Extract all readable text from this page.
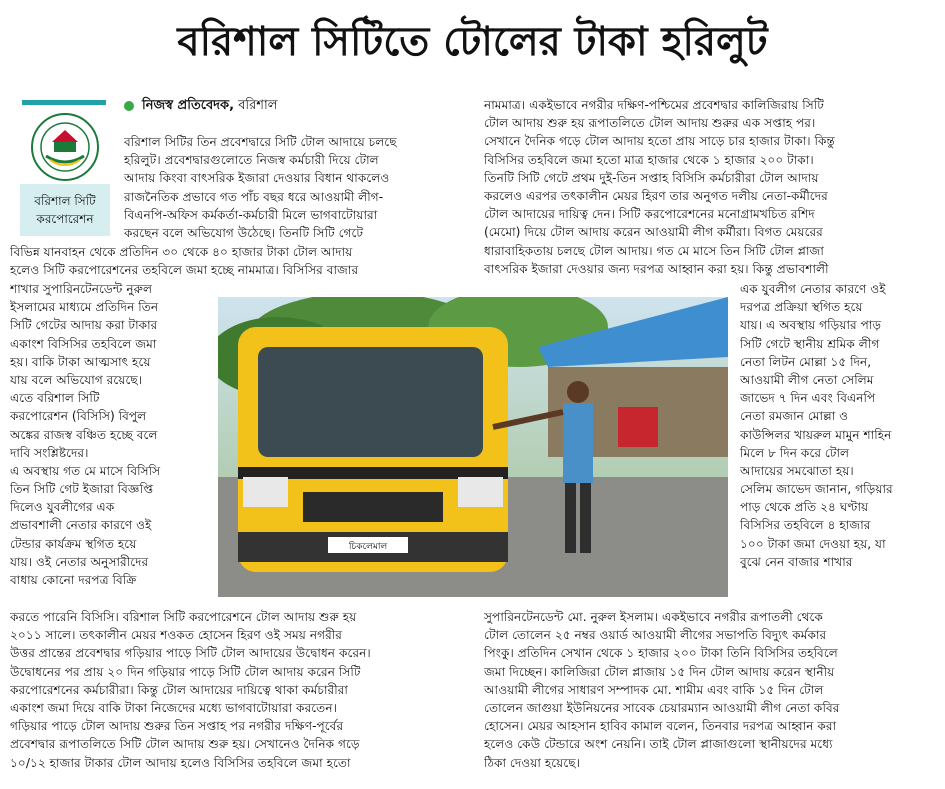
বরিশাল সিটিতে টোলের টাকা হরিলুট
বরিশাল সিটি
করপোরেশন
নিজস্ব প্রতিবেদক, বরিশাল
বরিশাল সিটির তিন প্রবেশদ্বারে সিটি টোল আদায়ে চলছে
হরিলুট। প্রবেশদ্বারগুলোতে নিজস্ব কর্মচারী দিয়ে টোল
আদায় কিংবা বাৎসরিক ইজারা দেওয়ার বিধান থাকলেও
রাজনৈতিক প্রভাবে গত পাঁচ বছর ধরে আওয়ামী লীগ-
বিএনপি-অফিস কর্মকর্তা-কর্মচারী মিলে ভাগবাটোয়ারা
করছেন বলে অভিযোগ উঠেছে। তিনটি সিটি গেটে
বিভিন্ন যানবাহন থেকে প্রতিদিন ৩০ থেকে ৪০ হাজার টাকা টোল আদায়
হলেও সিটি করপোরেশনের তহবিলে জমা হচ্ছে নামমাত্র। বিসিসির বাজার
শাখার সুপারিনটেনডেন্ট নুরুল
ইসলামের মাধ্যমে প্রতিদিন তিন
সিটি গেটের আদায় করা টাকার
একাংশ বিসিসির তহবিলে জমা
হয়। বাকি টাকা আত্মসাৎ হয়ে
যায় বলে অভিযোগ রয়েছে।
এতে বরিশাল সিটি
করপোরেশন (বিসিসি) বিপুল
অঙ্কের রাজস্ব বঞ্চিত হচ্ছে বলে
দাবি সংশ্লিষ্টদের।
এ অবস্থায় গত মে মাসে বিসিসি
তিন সিটি গেট ইজারা বিজ্ঞপ্তি
দিলেও যুবলীগের এক
প্রভাবশালী নেতার কারণে ওই
টেন্ডার কার্যক্রম স্থগিত হয়ে
যায়। ওই নেতার অনুসারীদের
বাধায় কোনো দরপত্র বিক্রি
করতে পারেনি বিসিসি। বরিশাল সিটি করপোরেশনে টোল আদায় শুরু হয়
২০১১ সালে। তৎকালীন মেয়র শওকত হোসেন হিরণ ওই সময় নগরীর
উত্তর প্রান্তের প্রবেশদ্বার গড়িয়ার পাড়ে সিটি টোল আদায়ের উদ্বোধন করেন।
উদ্বোধনের পর প্রায় ২০ দিন গড়িয়ার পাড়ে সিটি টোল আদায় করেন সিটি
করপোরেশনের কর্মচারীরা। কিন্তু টোল আদায়ের দায়িত্বে থাকা কর্মচারীরা
একাংশ জমা দিয়ে বাকি টাকা নিজেদের মধ্যে ভাগবাটোয়ারা করতেন।
গড়িয়ার পাড়ে টোল আদায় শুরুর তিন সপ্তাহ পর নগরীর দক্ষিণ-পূর্বের
প্রবেশদ্বার রূপাতলিতে সিটি টোল আদায় শুরু হয়। সেখানেও দৈনিক গড়ে
১০/১২ হাজার টাকার টোল আদায় হলেও বিসিসির তহবিলে জমা হতো
নামমাত্র। একইভাবে নগরীর দক্ষিণ-পশ্চিমের প্রবেশদ্বার কালিজিরায় সিটি
টোল আদায় শুরু হয় রূপাতলিতে টোল আদায় শুরুর এক সপ্তাহ পর।
সেখানে দৈনিক গড়ে টোল আদায় হতো প্রায় সাড়ে চার হাজার টাকা। কিন্তু
বিসিসির তহবিলে জমা হতো মাত্র হাজার থেকে ১ হাজার ২০০ টাকা।
তিনটি সিটি গেটে প্রথম দুই-তিন সপ্তাহ বিসিসি কর্মচারীরা টোল আদায়
করলেও এরপর তৎকালীন মেয়র হিরণ তার অনুগত দলীয় নেতা-কর্মীদের
টোল আদায়ের দায়িত্ব দেন। সিটি করপোরেশনের মনোগ্রামখচিত রশিদ
(মেমো) দিয়ে টোল আদায় করেন আওয়ামী লীগ কর্মীরা। বিগত মেয়রের
ধারাবাহিকতায় চলছে টোল আদায়। গত মে মাসে তিন সিটি টোল প্লাজা
বাৎসরিক ইজারা দেওয়ার জন্য দরপত্র আহ্বান করা হয়। কিন্তু প্রভাবশালী
এক যুবলীগ নেতার কারণে ওই
দরপত্র প্রক্রিয়া স্থগিত হয়ে
যায়। এ অবস্থায় গড়িয়ার পাড়
সিটি গেটে স্থানীয় শ্রমিক লীগ
নেতা লিটন মোল্লা ১৫ দিন,
আওয়ামী লীগ নেতা সেলিম
জাভেদ ৭ দিন এবং বিএনপি
নেতা রমজান মোল্লা ও
কাউন্সিলর খায়রুল মামুন শাহিন
মিলে ৮ দিন করে টোল
আদায়ের সমঝোতা হয়।
সেলিম জাভেদ জানান, গড়িয়ার
পাড় থেকে প্রতি ২৪ ঘণ্টায়
বিসিসির তহবিলে ৪ হাজার
১০০ টাকা জমা দেওয়া হয়, যা
বুঝে নেন বাজার শাখার
সুপারিনটেনডেন্ট মো. নুরুল ইসলাম। একইভাবে নগরীর রূপাতলী থেকে
টোল তোলেন ২৫ নম্বর ওয়ার্ড আওয়ামী লীগের সভাপতি বিদ্যুৎ কর্মকার
পিংকু। প্রতিদিন সেখান থেকে ১ হাজার ২০০ টাকা তিনি বিসিসির তহবিলে
জমা দিচ্ছেন। কালিজিরা টোল প্লাজায় ১৫ দিন টোল আদায় করেন স্থানীয়
আওয়ামী লীগের সাধারণ সম্পাদক মো. শামীম এবং বাকি ১৫ দিন টোল
তোলেন জাগুয়া ইউনিয়নের সাবেক চেয়ারম্যান আওয়ামী লীগ নেতা কবির
হোসেন। মেয়র আহসান হাবিব কামাল বলেন, তিনবার দরপত্র আহ্বান করা
হলেও কেউ টেন্ডারে অংশ নেয়নি। তাই টোল প্লাজাগুলো স্থানীয়দের মধ্যে
ঠিকা দেওয়া হয়েছে।
চিকলেমাল
